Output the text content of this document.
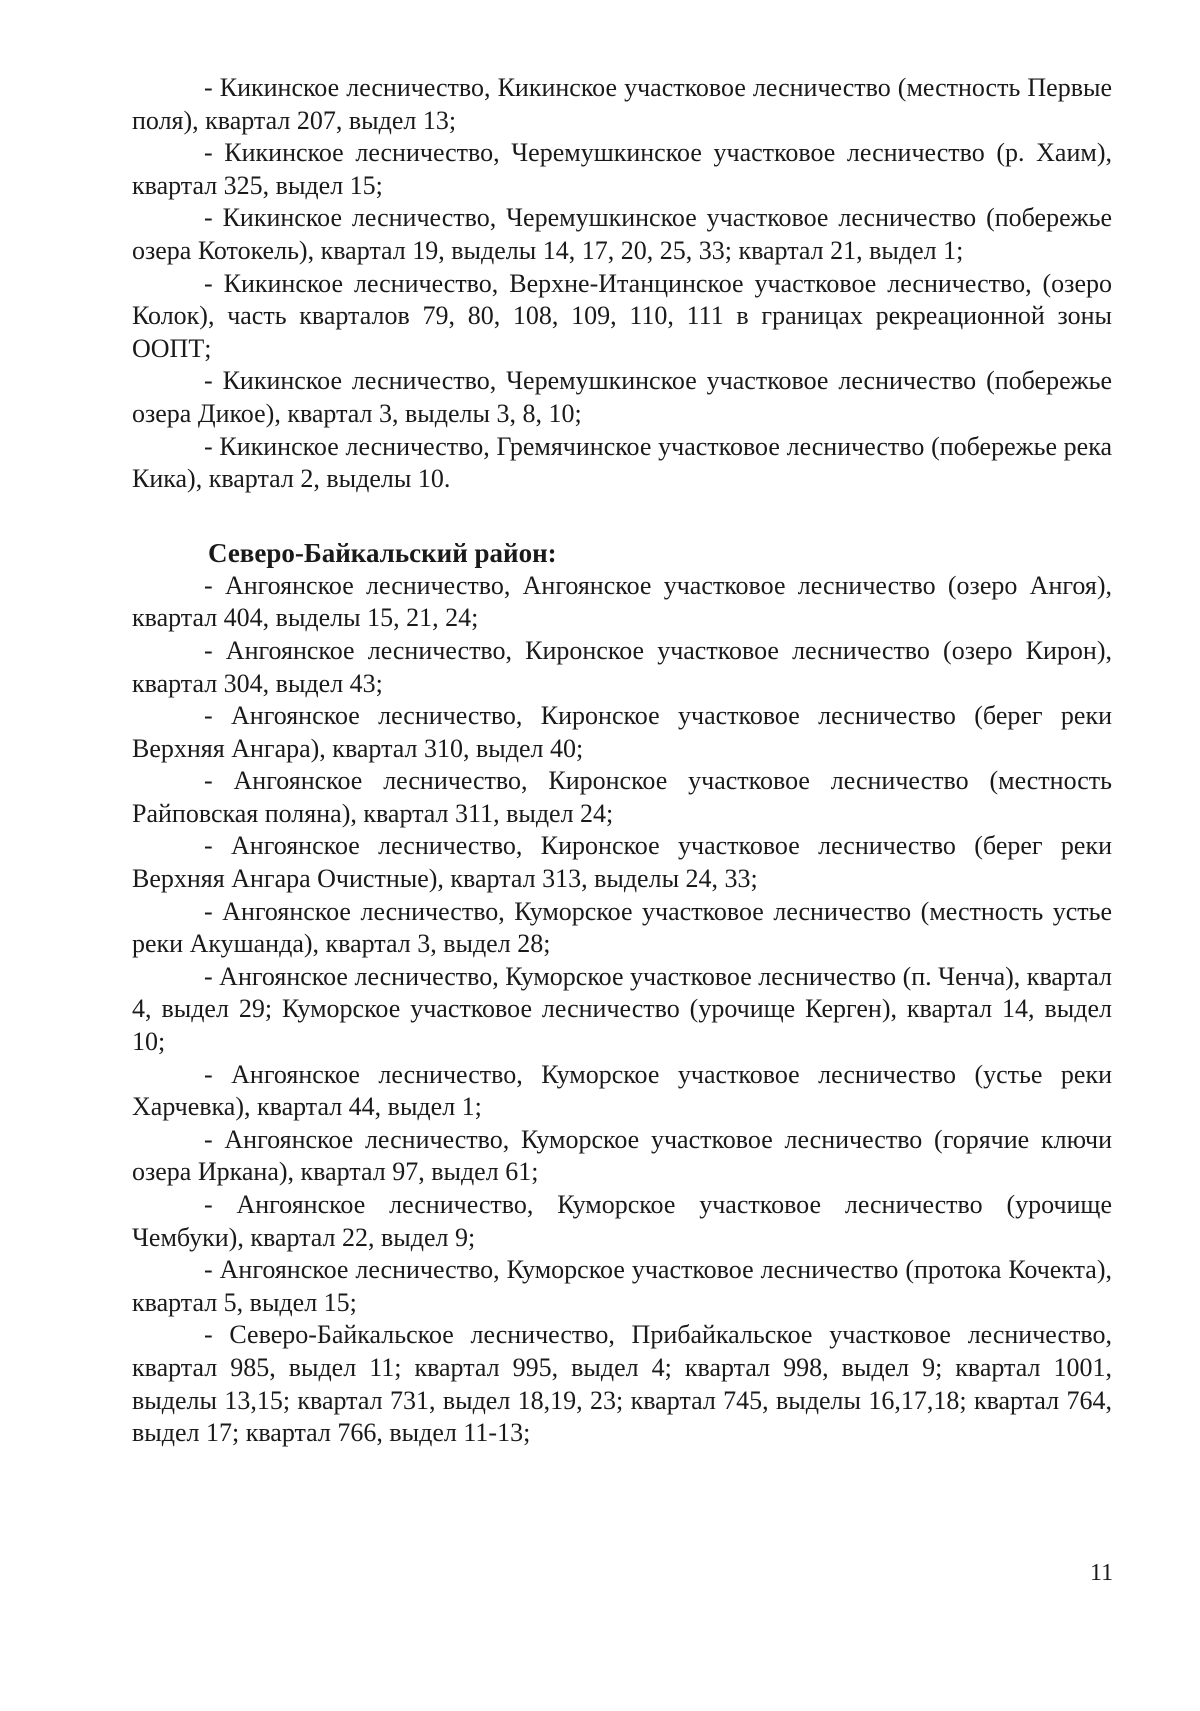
- Кикинское лесничество, Кикинское участковое лесничество (местность Первые поля), квартал 207, выдел 13;

- Кикинское лесничество, Черемушкинское участковое лесничество (р. Хаим), квартал 325, выдел 15;

- Кикинское лесничество, Черемушкинское участковое лесничество (побережье озера Котокель), квартал 19, выделы 14, 17, 20, 25, 33; квартал 21, выдел 1;

- Кикинское лесничество, Верхне-Итанцинское участковое лесничество, (озеро Колок), часть кварталов 79, 80, 108, 109, 110, 111 в границах рекреационной зоны ООПТ;

- Кикинское лесничество, Черемушкинское участковое лесничество (побережье озера Дикое), квартал 3, выделы 3, 8, 10;

- Кикинское лесничество, Гремячинское участковое лесничество (побережье река Кика), квартал 2, выделы 10.

Северо-Байкальский район:

- Ангоянское лесничество, Ангоянское участковое лесничество (озеро Ангоя), квартал 404, выделы 15, 21, 24;

- Ангоянское лесничество, Киронское участковое лесничество (озеро Кирон), квартал 304, выдел 43;

- Ангоянское лесничество, Киронское участковое лесничество (берег реки Верхняя Ангара), квартал 310, выдел 40;

- Ангоянское лесничество, Киронское участковое лесничество (местность Райповская поляна), квартал 311, выдел 24;

- Ангоянское лесничество, Киронское участковое лесничество (берег реки Верхняя Ангара Очистные), квартал 313, выделы 24, 33;

- Ангоянское лесничество, Куморское участковое лесничество (местность устье реки Акушанда), квартал 3, выдел 28;

- Ангоянское лесничество, Куморское участковое лесничество (п. Ченча), квартал 4, выдел 29; Куморское участковое лесничество (урочище Керген), квартал 14, выдел 10;

- Ангоянское лесничество, Куморское участковое лесничество (устье реки Харчевка), квартал 44, выдел 1;

- Ангоянское лесничество, Куморское участковое лесничество (горячие ключи озера Иркана), квартал 97, выдел 61;

- Ангоянское лесничество, Куморское участковое лесничество (урочище Чембуки), квартал 22, выдел 9;

- Ангоянское лесничество, Куморское участковое лесничество (протока Кочекта), квартал 5, выдел 15;

- Северо-Байкальское лесничество, Прибайкальское участковое лесничество, квартал 985, выдел 11; квартал 995, выдел 4; квартал 998, выдел 9; квартал 1001, выделы 13,15; квартал 731, выдел 18,19, 23; квартал 745, выделы 16,17,18; квартал 764, выдел 17; квартал 766, выдел 11-13;

11
